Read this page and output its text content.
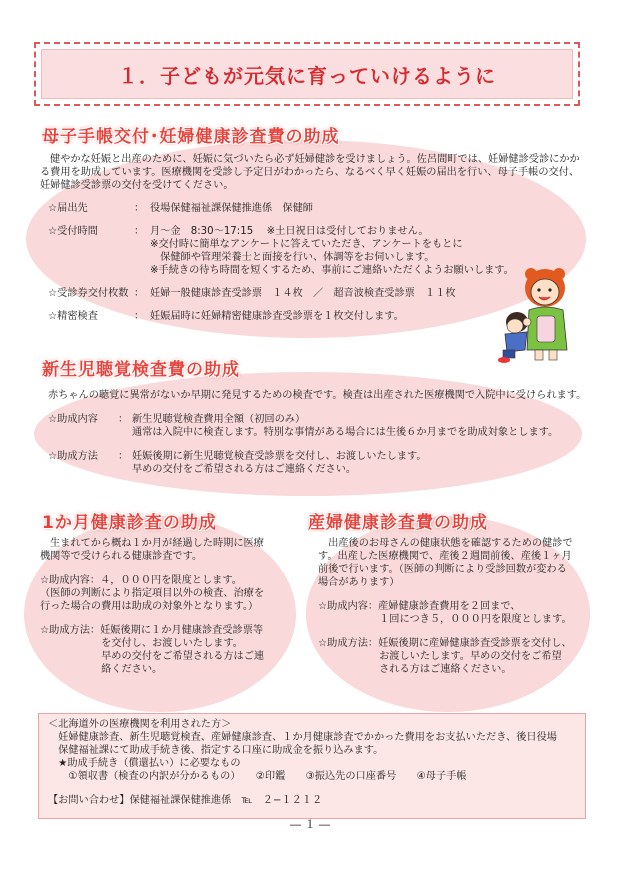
１．子どもが元気に育っていけるように
母子手帳交付･妊婦健康診査費の助成
健やかな妊娠と出産のために、妊娠に気づいたら必ず妊婦健診を受けましょう。佐呂間町では、妊婦健診受診にかか
る費用を助成しています。医療機関を受診し予定日がわかったら、なるべく早く妊娠の届出を行い、母子手帳の交付、
妊婦健診受診票の交付を受けてください。
☆届出先	： 役場保健福祉課保健推進係　保健師
☆受付時間	： 月～金　8:30～17:15　 ※土日祝日は受付しておりません。
※交付時に簡単なアンケートに答えていただき、アンケートをもとに
　保健師や管理栄養士と面接を行い、体調等をお伺いします。
※手続きの待ち時間を短くするため、事前にご連絡いただくようお願いします。
☆受診券交付枚数 ： 妊婦一般健康診査受診票　１４枚　／　超音波検査受診票　１１枚
☆精密検査	： 妊娠届時に妊婦精密健康診査受診票を１枚交付します。
新生児聴覚検査費の助成
赤ちゃんの聴覚に異常がないか早期に発見するための検査です。検査は出産された医療機関で入院中に受けられます。
☆助成内容 ： 新生児聴覚検査費用全額（初回のみ）
通常は入院中に検査します。特別な事情がある場合には生後６か月までを助成対象とします。
☆助成方法 ： 妊娠後期に新生児聴覚検査受診票を交付し、お渡しいたします。
早めの交付をご希望される方はご連絡ください。
1か月健康診査の助成
生まれてから概ね１か月が経過した時期に医療
機関等で受けられる健康診査です。
☆助成内容：４，０００円を限度とします。
（医師の判断により指定項目以外の検査、治療を
行った場合の費用は助成の対象外となります。）
☆助成方法：妊娠後期に１か月健康診査受診票等
　　　　　　を交付し、お渡しいたします。
　　　　　　早めの交付をご希望される方はご連
　　　　　　絡ください。
産婦健康診査費の助成
　出産後のお母さんの健康状態を確認するための健診で
す。出産した医療機関で、産後２週間前後、産後１ヶ月
前後で行います。（医師の判断により受診回数が変わる
場合があります）
☆助成内容：産婦健康診査費用を２回まで、
　　　　　　１回につき５，０００円を限度とします。
☆助成方法：妊娠後期に産婦健康診査受診票を交付し、
　　　　　　お渡しいたします。早めの交付をご希望
　　　　　　される方はご連絡ください。
＜北海道外の医療機関を利用された方＞
　妊婦健康診査、新生児聴覚検査、産婦健康診査、１か月健康診査でかかった費用をお支払いただき、後日役場
　保健福祉課にて助成手続き後、指定する口座に助成金を振り込みます。
　★助成手続き（償還払い）に必要なもの
　　①領収書（検査の内訳が分かるもの）　　②印鑑　　③振込先の口座番号　　④母子手帳
【お問い合わせ】保健福祉課保健推進係　℡　２−１２１２
― １ ―
